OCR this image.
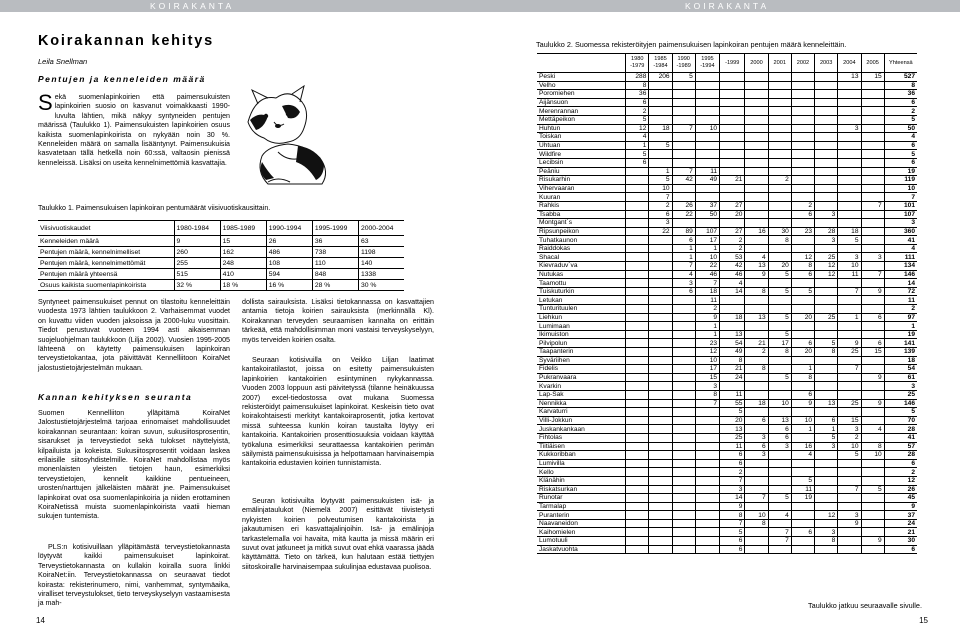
KOIRAKANTA
Koirakannan kehitys
Leila Snellman
Pentujen ja kenneleiden määrä

Sekä suomenlapinkoirien että paimensukuisten lapinkoirien suosio on kasvanut voimakkaasti 1990-luvulta lähtien, mikä näkyy syntyneiden pentujen määrissä (Taulukko 1). Paimensukuisten lapinkoirien osuus kaikista suomenlapinkoirista on nykyään noin 30 %. Kenneleiden määrä on samalla lisääntynyt. Paimensukuisia kasvatetaan tällä hetkellä noin 60:ssä, valtaosin pienissä kenneleissä. Lisäksi on useita kennelnimettömiä kasvattajia.

Taulukko 1. Paimensukuisen lapinkoiran pentumäärät viisivuotiskausittain.
Viisivuotiskaudet	1980-1984	1985-1989	1990-1994	1995-1999	2000-2004
Kenneleiden määrä	9	15	26	36	63
Pentujen määrä, kennelnimelliset	260	162	486	738	1198
Pentujen määrä, kennelnimettömät	255	248	108	110	140
Pentujen määrä yhteensä	515	410	594	848	1338
Osuus kaikista suomenlapinkoirista	32 %	18 %	16 %	28 %	30 %

Syntyneet paimensukuiset pennut on tilastoitu kenneleittäin vuodesta 1973 lähtien taulukkoon 2. Varhaisemmat vuodet on kuvattu viiden vuoden jaksoissa ja 2000-luku vuosittain. Tiedot perustuvat vuoteen 1994 asti aikaisemman suojeluohjelman taulukkoon (Lilja 2002). Vuosien 1995-2005 lähteenä on käytetty paimensukuisen lapinkoiran terveystietokantaa, jota päivittävät Kennelliitoon KoiraNet jalostustietojärjestelmän mukaan.

Kannan kehityksen seuranta

Suomen Kennelliiton ylläpitämä KoiraNet Jalostustietojärjestelmä tarjoaa erinomaiset mahdollisuudet koirakannan seurantaan: koiran suvun, sukusiitosprosentin, sisarukset ja terveystiedot sekä tulokset näyttelyistä, kilpailuista ja kokeista. Sukusiitosprosentit voidaan laskea erilaisille siitosyhdistelmille. KoiraNet mahdollistaa myös monenlaisten yleisten tietojen haun, esimerkiksi terveystietojen, kennelit kaikkine pentueineen, urosten/narttujen jälkeläisten määrät jne. Paimensukuiset lapinkoirat ovat osa suomenlapinkoiria ja niiden erottaminen KoiraNetissä muista suomenlapinkoirista vaatii hieman sukujen tuntemista.

PLS:n kotisivuillaan ylläpitämästä terveystietokannasta löytyvät kaikki paimensukuiset lapinkoirat. Terveystietokannasta on kullakin koiralla suora linkki KoiraNet:iin. Terveystietokannassa on seuraavat tiedot koirasta: rekisterinumero, nimi, vanhemmat, syntymäaika, viralliset terveystulokset, tieto terveyskyselyyn vastaamisesta ja mah-

dollista sairauksista. Lisäksi tietokannassa on kasvattajien antamia tietoja koirien sairauksista (merkinnällä Kl). Koirakannan terveyden seuraamisen kannalta on erittäin tärkeää, että mahdollisimman moni vastaisi terveyskyselyyn, myös terveiden koirien osalta.

Seuraan kotisivuilla on Veikko Liljan laatimat kantakoiratilastot, joissa on esitetty paimensukuisten lapinkoirien kantakoirien esiintyminen nykykannassa. Vuoden 2003 loppuun asti päivitetyssä (tilanne heinäkuussa 2007) excel-tiedostossa ovat mukana Suomessa rekisteröidyt paimensukuiset lapinkoirat. Keskeisin tieto ovat koirakohtaisesti merkityt kantakoiraprosentit, jotka kertovat missä suhteessa kunkin koiran taustalta löytyy eri kantakoiria. Kantakoirien prosenttiosuuksia voidaan käyttää työkaluna esimerkiksi seurattaessa kantakoirien perimän säilymistä paimensukuisissa ja helpottamaan harvinaisempia kantakoiria edustavien koirien tunnistamista.

Seuran kotisivuilta löytyvät paimensukuisten isä- ja emälinjataulukot (Niemelä 2007) esittävät tiivistetysti nykyisten koirien polveutumisen kantakoirista ja jakautumisen eri kasvattajalinjoihin. Isä- ja emälinjoja tarkastelemalla voi havaita, mitä kautta ja missä määrin eri suvut ovat jatkuneet ja mitkä suvut ovat ehkä vaarassa jäädä käyttämättä. Tieto on tärkeä, kun halutaan estää tiettyjen siitoskoiralle harvinaisempaa sukulinjaa edustavaa puolisoa.

14
KOIRAKANTA
15
Taulukko 2. Suomessa rekisteröityjen paimensukuisen lapinkoiran pentujen määrä kenneleittäin.
	1980
-1979	1985
-1984	1990
-1989	1995
-1994	-1999	2000	2001	2002	2003	2004	2005	Yhteensä
Peski	288	206	5							13	15	527
Velho	8											8
Poromiehen	36											36
Äijänsuon	6											6
Merenrannan	2											2
Mettäpeikon	5											5
Huhtun	12	18	7	10						3		50
Toiskan	4											4
Uhtuan	1	5										6
Wildfire	5											5
Lecibsin	6											6
Peäniu		1	7	11								19
Risukarhin		5	42	49	21		2					119
Vihervaaran		10										10
Kuuran		7										7
Rahkis		2	26	37	27			2			7	101
Tsabba		6	22	50	20			6	3			107
Montgant´s		3										3
Ripsunpeikon		22	89	107	27	16	30	23	28	18		360
Tuhatkaunon			6	17	2		8		3	5		41
Raiddokas			1	1	2							4
Shacal			1	10	53	4		12	25	3	3	111
Kievraduv´va			7	22	42	13	20	8	12	10		134
Nutukas			4	46	46	9	5	6	12	11	7	146
Taamottu			3	7	4							14
Tuiskuturkin			6	18	14	8	5	5		7	9	72
Letukan				11								11
Tunturituulen				2								2
Liehkun				9	18	13	5	20	25	1	6	97
Lumimaan				1								1
Ikimuiston				1	13		5					19
Pilvipolun				23	54	21	17	6	5	9	6	141
Taapanterin				12	49	2	8	20	8	25	15	139
Syväriihen				10	8							18
Fidelis				17	21	8		1		7		54
Pukranvaara				15	24		5	8			9	61
Kvarkin				3								3
Lap-Sak				8	11			6				25
Nennikka				7	55	18	10	9	13	25	9	146
Karvaturri					5							5
Villi-Jokkun					20	6	13	10	6	15		70
Juskankankaan					13		6	1	1	3	4	28
Fihtolas					25	3	6		5	2		41
Tiitiäisen					11	6	3	16	3	10	8	57
Kukkoribban					6	3		4		5	10	28
Lumivilla					6							6
Kello					2							2
Klänähin					7			5				12
Riskatsurkan					3			11		7	5	26
Runotar					14	7	5	19				45
Tarmalap					9							9
Puranterin					8	10	4		12	3		37
Naavaneidon					7	8				9		24
Kaihomielen					5		7	6	3			21
Lumotuuli					6		7		8		9	30
Jaskatvuohta					6							6
Taulukko jatkuu seuraavalle sivulle.
